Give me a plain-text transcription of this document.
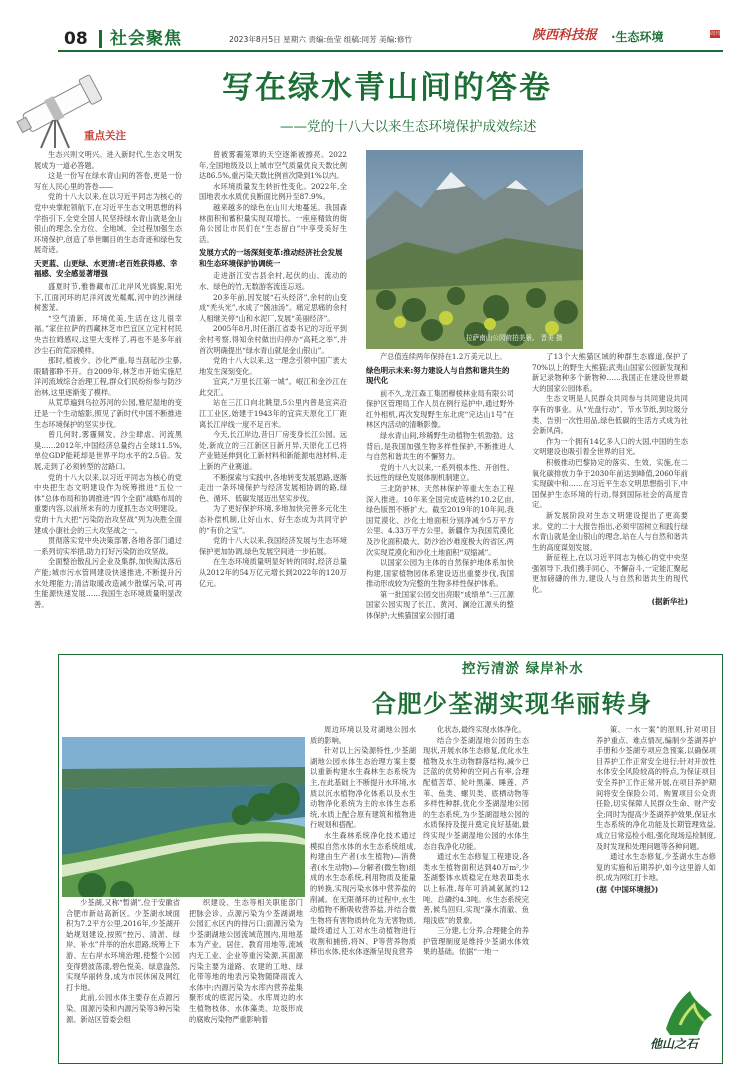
08 社会聚焦	2023年8月5日 星期六 责编:鱼莹 组稿:同芳 美编:修竹	陕西科技报 ·生态环境	周刊
重点关注
写在绿水青山间的答卷
——党的十八大以来生态环境保护成效综述

生态兴则文明兴。进入新时代,生态文明发展成为一道必答题。

这是一份写在绿水青山间的答卷,更是一份写在人民心里的答卷——

党的十八大以来,在以习近平同志为核心的党中央掌舵领航下,在习近平生态文明思想的科学指引下,全党全国人民坚持绿水青山就是金山银山的理念,全方位、全地域、全过程加强生态环境保护,创造了举世瞩目的生态奇迹和绿色发展奇迹。

天更蓝、山更绿、水更清:老百姓获得感、幸福感、安全感显著增强

盛夏时节,雅鲁藏布江北岸风光旖旎,阳光下,江面河环的尼洋河波光粼粼,河中的沙洲绿树葱茏。

“空气清新、环境优美,生活在这儿很幸福。”家住拉萨的西藏林芝市巴宜区立定村村民央吉拉姆感叹,这里大变样了,再也不是多年前沙尘石的荒凉模样。

那时,植被少、沙化严重,每当刮起沙尘暴,眼睛都睁不开。自2009年,林芝市开始实施尼洋河流域综合治理工程,群众们民纷纷参与防沙治林,这里逐渐变了模样。

从荒草遍到乌拉苏河的公园,雅尼湿地的变迁是一个生动缩影,照见了新时代中国不断推进生态环境保护的坚实步伐。

曾几何时,雾霾频发、沙尘肆虐、河流黑臭……2012年,中国经济总量约占全球11.5%,单位GDP能耗却是世界平均水平的2.5倍。发展,走到了必须转型的岔路口。

党的十八大以来,以习近平同志为核心的党中央把生态文明建设作为统筹推进“五位一体”总体布局和协调推进“四个全面”战略布局的重要内容,以前所未有的力度抓生态文明建设。党的十九大把“污染防治攻坚战”列为决胜全面建成小康社会的三大攻坚战之一。

贯彻落实党中央决策部署,各地各部门通过一系列切实举措,助力打好污染防治攻坚战。

全面整治散乱污企业及集群,加快淘汰落后产能;城市污水管网建设快速推进,不断提升污水处理能力;清洁取暖改造减少散煤污染,可再生能源快速发展……我国生态环境质量明显改善。

曾被雾霾笼罩的天空逐渐被擦亮。2022年,全国地级及以上城市空气质量优良天数比例达86.5%,重污染天数比例首次降到1%以内。

水环境质量发生转折性变化。2022年,全国地表水水质优良断面比例升至87.9%。

越来越多的绿色在山川大地蔓延。我国森林面积和蓄积量实现双增长。一座座精致的街角公园让市民们在“生态留白”中享受美好生活。

发展方式的一场深刻变革:推动经济社会发展和生态环境保护协调统一

走进浙江安吉县余村,起伏的山、流动的水、绿色的竹,无数游客流连忘返。

20多年前,因发展“石头经济”,余村的山变成“秃头光”,水成了“酱油汤”。痛定思痛的余村人相继关停“山和水泥厂,发展“美丽经济”。

2005年8月,时任浙江省委书记的习近平到余村考察,得知余村做出归停办“高耗之举”,并首次明确提出“绿水青山就是金山银山”。

党的十八大以来,这一理念引领中国广袤大地发生深刻变化。

宜宾,“万里长江第一城”。岷江和金沙江在此交汇。

站在三江口向北眺望,5公里内曾是宜宾沿江工业区,始建于1943年的宜宾天原化工厂距离长江岸线一度不足百米。

今天,长江岸边,昔日厂房变身长江公园。远处,新成立的三江新区日新月异,天原化工已将产业链延伸到化工新材料和新能源电池材料,走上新的产业赛道。

不断探索与实践中,各地转变发展思路,逐渐走出一条环境保护与经济发展相协调的路,绿色、循环、低碳发展迈出坚实步伐。

为了更好保护环境,多地加快完善多元化生态补偿机制,让好山水、好生态成为共同守护的“有价之宝”。

党的十八大以来,我国经济发展与生态环境保护更加协调,绿色发展空间进一步拓展。

在生态环境质量明显好转的同时,经济总量从2012年的54万亿元增长到2022年的120万亿元。

拉萨南山公园俯拍美景。 晋美 摄

产总值连续两年保持在1.2万美元以上。

绿色明示未来:努力建设人与自然和谐共生的现代化

前不久,龙江森工集团穆棱林业局有限公司保护区管理局工作人员在例行巡护中,通过野外红外相机,再次发现野生东北虎“完达山1号”在林区内活动的清晰影像。

绿水青山间,珍稀野生动植物生机勃勃。这背后,是我国加强生物多样性保护,不断推进人与自然和谐共生的不懈努力。

党的十八大以来,一系列根本性、开创性、长远性的绿色发展体制机制建立。

三北防护林、天然林保护等重大生态工程深入推进。10年来全国完成造林约10.2亿亩,绿色版图不断扩大。截至2019年的10年间,我国荒漠化、沙化土地面积分别净减少5万平方公里、4.33万平方公里。新疆作为我国荒漠化及沙化面积最大、防沙治沙难度极大的省区,两次实现荒漠化和沙化土地面积“双缩减”。

以国家公园为主体的自然保护地体系加快构建,国家植物园体系建设迈出重要步伐,我国推动形成较为完整的生物多样性保护体系。

第一批国家公园交出亮眼“成绩单”:三江源国家公园实现了长江、黄河、澜沧江源头的整体保护;大熊猫国家公园打通

了13个大熊猫区域的种群生态廊道,保护了70%以上的野生大熊猫;武夷山国家公园新发现和新记录物种多个新物种……我国正在建设世界最大的国家公园体系。

生态文明是人民群众共同参与共同建设共同享有的事业。从“光盘行动”、节水节纸,到垃圾分类、告别一次性用品,绿色低碳的生活方式成为社会新风尚。

作为一个拥有14亿多人口的大国,中国的生态文明建设也吸引着全世界的目光。

积极推动巴黎协定的落实、生效、实施,在二氧化碳排放力争于2030年前达到峰值,2060年前实现碳中和……在习近平生态文明思想指引下,中国保护生态环境的行动,得到国际社会的高度肯定。

新发展阶段对生态文明建设提出了更高要求。党的二十大报告指出,必须牢固树立和践行绿水青山就是金山银山的理念,站在人与自然和谐共生的高度谋划发展。

新征程上,在以习近平同志为核心的党中央坚强领导下,我们携手同心、不懈奋斗,一定能汇聚起更加磅礴的伟力,建设人与自然和谐共生的现代化。

(据新华社)
控污清淤 绿岸补水
合肥少荃湖实现华丽转身

少荃湖,又称“暂湖”,位于安徽省合肥市新站高新区。少荃湖水域面积为7.2平方公里,2016年,少荃湖开始规划建设,按照“控污、清淤、绿岸、补水”并举的治水思路,统筹上下游、左右岸水环境治理,使整个公园变得碧波荡漾,碧色悦美、绿意盎然,实现华丽转身,成为市民休闲及网红打卡地。

此前,公园水体主要存在点源污染、面源污染和内源污染等3种污染源。新站区管委会组

织建设、生态等相关职能部门把脉会诊。点源污染为少荃湖湖地公园汇水区内的排污口;面源污染为少荃湖湖地公园流域范围内,用地基本为产业、居住、教育用地等,流域内无工业、企业等重污染源,其面源污染主要为道路、农建的工地、绿化带等地的地表污染物随降雨流入水体中;内源污染为水库内营养盐集聚形成的底泥污染。水库周边的水生植物枝体、水体藻类、垃圾形成的腐败污染物严重影响着

周边环境以及对湖地公园水质的影响。

针对以上污染源特性,少荃湖湖地公园水体生态治理方案主要以重新构建水生森林生态系统为主,在此基础上不断提升水环境,水质以沉水植物净化体系以及水生动物净化系统为主的水体生态系统,水质上配合原有建筑和植物进行规划和搭配。

水生森林系统净化技术通过模拟自然水体的水生态系统组成,构建由生产者(水生植物)—消费者(水生动物)—分解者(微生物)组成的水生态系统,利用物质及能量的转换,实现污染水体中营养盐的削减。在无限循环的过程中,水生动植物不断吸收营养盐,并结合微生物将有害物质转化为无害物质,最终通过人工对水生动植物进行收割和捕捞,将N、P等营养物质移出水体,使水体逐渐呈现良营养

化状态,最终实现水体净化。

结合少荃湖湿地公园的生态现状,开展水体生态修复,优化水生植物及水生动物群落结构,减少已泛蓝的优势种的空间占有率,合理配植苦草、轮叶黑藻、睡莲、芦苇、鱼类、螺贝类、底栖动物等多样性种群,优化少荃湖湿地公园的生态系统,为少荃湖湿地公园的水质保持及提升奠定良好基础,最终实现少荃湖湿地公园的水体生态自我净化功能。

通过水生态修复工程建设,各类水生植物面积达到40万m²,少荃湖整体水质稳定在地表Ⅲ类水以上标准,每年可消减氨氮约12吨、总磷约4.3吨。水生态系统完善,候鸟回归,实现“藻水清澈、鱼翔浅底”的景象。

三分建,七分养,合理健全的养护管理制度是维持少荃湖水体效果的基础。依据“一地一

策、一水一案”的原则,针对项目养护重点、难点情况,编制少荃湖养护手册和少荃湖专项应急预案,以确保项目养护工作正常安全进行;针对开放性水体安全风险较高的特点,为保证项目安全养护工作正常开展,在项目养护期间将安全保险公司、购置项目公众责任险,切实保障人民群众生命、财产安全;同时为提高少荃湖养护效果,保证水生态系统的净化功能及长期管理效益,成立日常巡检小组,强化现场巡检制度,及时发现和处理问题等各种问题。

通过水生态修复,少荃湖水生态修复的实施和后期养护,如今这里游人如织,成为网红打卡地。

(据《中国环境报》)
他山之石
